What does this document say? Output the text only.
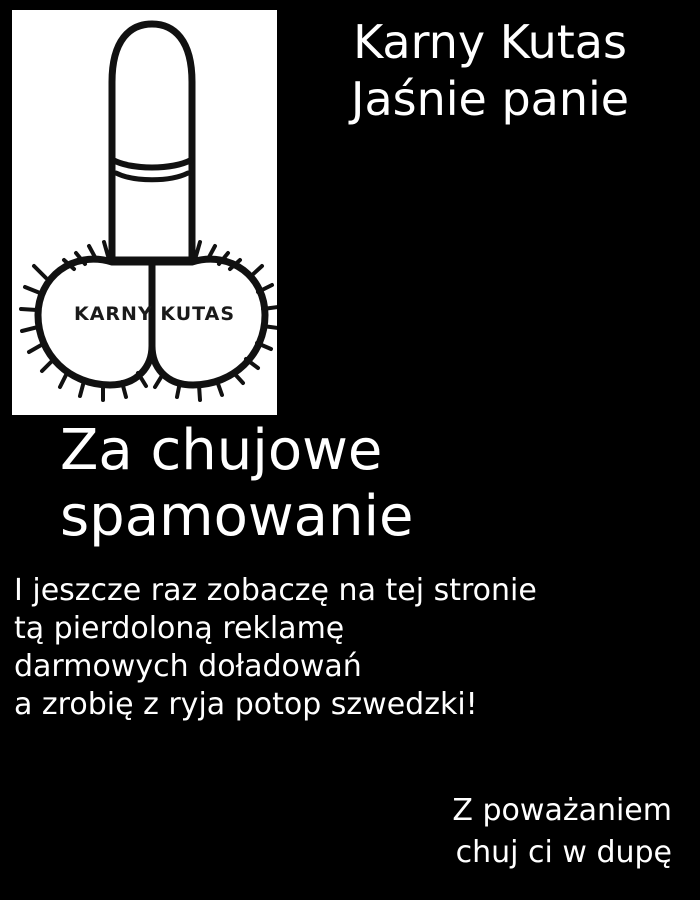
KARNY KUTAS
Karny Kutas
Jaśnie panie
Za chujowe
spamowanie
I jeszcze raz zobaczę na tej stronie
tą pierdoloną reklamę
darmowych doładowań
a zrobię z ryja potop szwedzki!
Z poważaniem
chuj ci w dupę
